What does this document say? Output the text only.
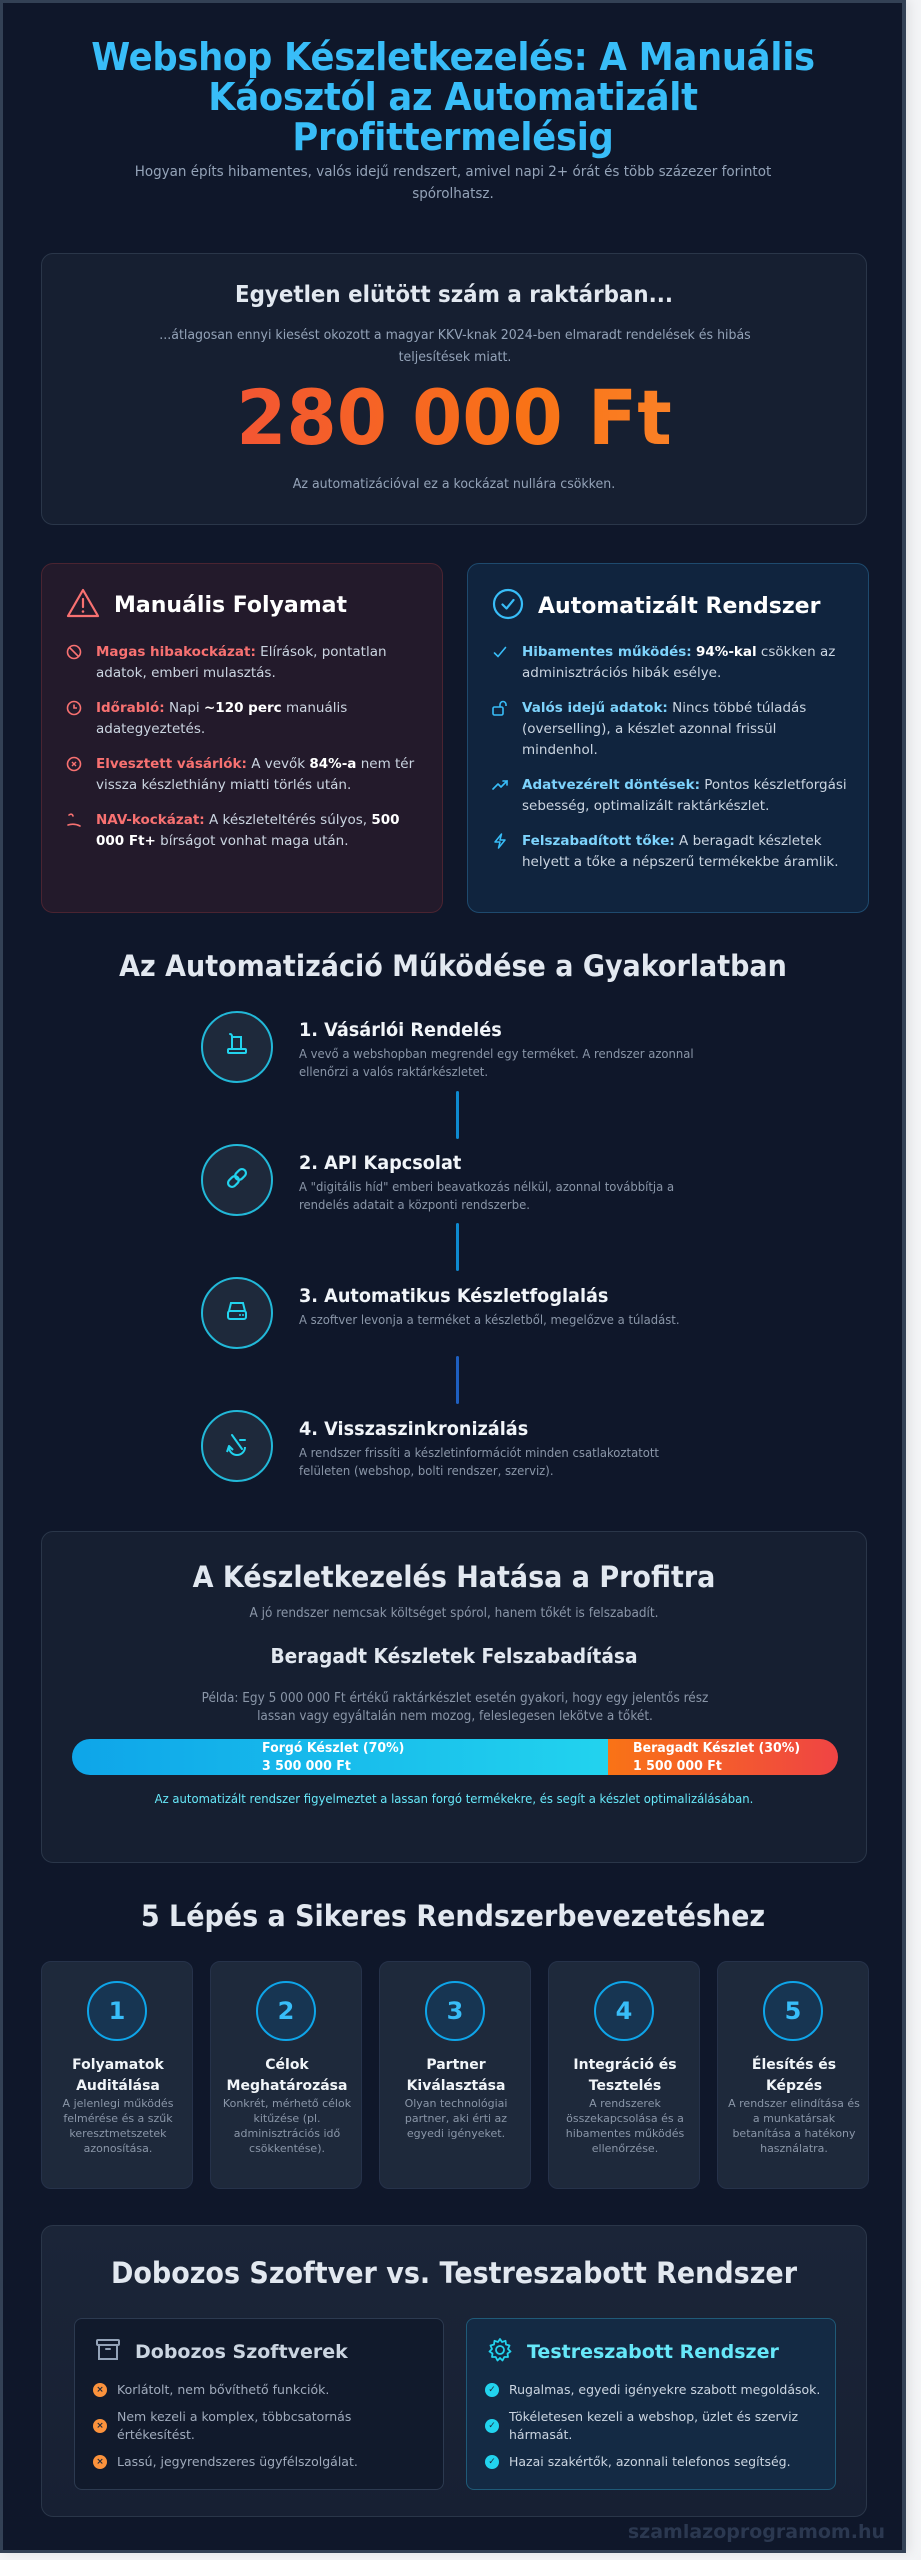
Webshop Készletkezelés: A Manuális Káosztól az Automatizált Profittermelésig

Hogyan építs hibamentes, valós idejű rendszert, amivel napi 2+ órát és több százezer forintot spórolhatsz.

Egyetlen elütött szám a raktárban...

...átlagosan ennyi kiesést okozott a magyar KKV-knak 2024-ben elmaradt rendelések és hibás teljesítések miatt.

280 000 Ft

Az automatizációval ez a kockázat nullára csökken.

Manuális Folyamat
Magas hibakockázat: Elírások, pontatlan adatok, emberi mulasztás.
Időrabló: Napi ~120 perc manuális adategyeztetés.
Elvesztett vásárlók: A vevők 84%-a nem tér vissza készlethiány miatti törlés után.
NAV-kockázat: A készleteltérés súlyos, 500 000 Ft+ bírságot vonhat maga után.
Automatizált Rendszer
Hibamentes működés: 94%-kal csökken az adminisztrációs hibák esélye.
Valós idejű adatok: Nincs többé túladás (overselling), a készlet azonnal frissül mindenhol.
Adatvezérelt döntések: Pontos készletforgási sebesség, optimalizált raktárkészlet.
Felszabadított tőke: A beragadt készletek helyett a tőke a népszerű termékekbe áramlik.
Az Automatizáció Működése a Gyakorlatban
1. Vásárlói Rendelés
A vevő a webshopban megrendel egy terméket. A rendszer azonnal ellenőrzi a valós raktárkészletet.
2. API Kapcsolat
A "digitális híd" emberi beavatkozás nélkül, azonnal továbbítja a rendelés adatait a központi rendszerbe.
3. Automatikus Készletfoglalás
A szoftver levonja a terméket a készletből, megelőzve a túladást.
4. Visszaszinkronizálás
A rendszer frissíti a készletinformációt minden csatlakoztatott felületen (webshop, bolti rendszer, szerviz).
A Készletkezelés Hatása a Profitra

A jó rendszer nemcsak költséget spórol, hanem tőkét is felszabadít.

Beragadt Készletek Felszabadítása

Példa: Egy 5 000 000 Ft értékű raktárkészlet esetén gyakori, hogy egy jelentős rész lassan vagy egyáltalán nem mozog, feleslegesen lekötve a tőkét.

Forgó Készlet (70%)
3 500 000 Ft
Beragadt Készlet (30%)
1 500 000 Ft

Az automatizált rendszer figyelmeztet a lassan forgó termékekre, és segít a készlet optimalizálásában.

5 Lépés a Sikeres Rendszerbevezetéshez
1
Folyamatok Auditálása
A jelenlegi működés felmérése és a szűk keresztmetszetek azonosítása.
2
Célok Meghatározása
Konkrét, mérhető célok kitűzése (pl. adminisztrációs idő csökkentése).
3
Partner Kiválasztása
Olyan technológiai partner, aki érti az egyedi igényeket.
4
Integráció és Tesztelés
A rendszerek összekapcsolása és a hibamentes működés ellenőrzése.
5
Élesítés és Képzés
A rendszer elindítása és a munkatársak betanítása a hatékony használatra.
Dobozos Szoftver vs. Testreszabott Rendszer
Dobozos Szoftverek
× Korlátolt, nem bővíthető funkciók.
×
Nem kezeli a komplex, többcsatornás értékesítést.
× Lassú, jegyrendszeres ügyfélszolgálat.
Testreszabott Rendszer
✓ Rugalmas, egyedi igényekre szabott megoldások.
✓
Tökéletesen kezeli a webshop, üzlet és szerviz hármasát.
✓ Hazai szakértők, azonnali telefonos segítség.
szamlazoprogramom.hu
